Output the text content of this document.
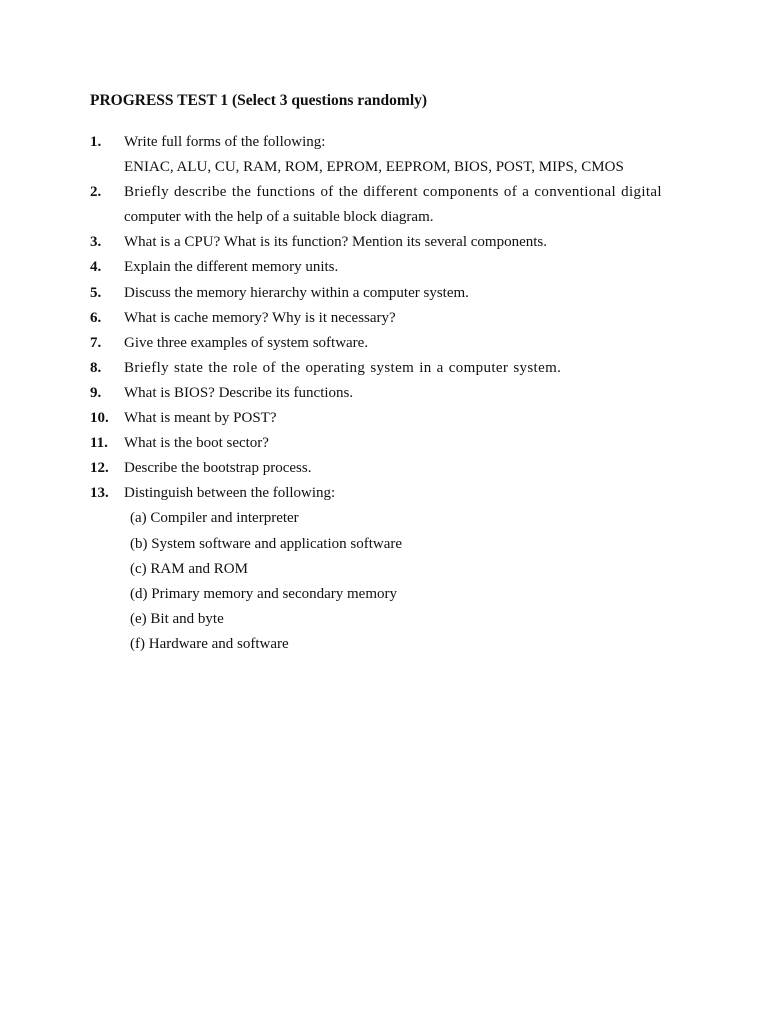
PROGRESS TEST 1 (Select 3 questions randomly)
1.	Write full forms of the following:
ENIAC, ALU, CU, RAM, ROM, EPROM, EEPROM, BIOS, POST, MIPS, CMOS
2.	Briefly describe the functions of the different components of a conventional digital
computer with the help of a suitable block diagram.
3.	What is a CPU? What is its function? Mention its several components.
4.	Explain the different memory units.
5.	Discuss the memory hierarchy within a computer system.
6.	What is cache memory? Why is it necessary?
7.	Give three examples of system software.
8.	Briefly state the role of the operating system in a computer system.
9.	What is BIOS? Describe its functions.
10.	What is meant by POST?
11.	What is the boot sector?
12.	Describe the bootstrap process.
13.	Distinguish between the following:
(a) Compiler and interpreter
(b) System software and application software
(c) RAM and ROM
(d) Primary memory and secondary memory
(e) Bit and byte
(f) Hardware and software
